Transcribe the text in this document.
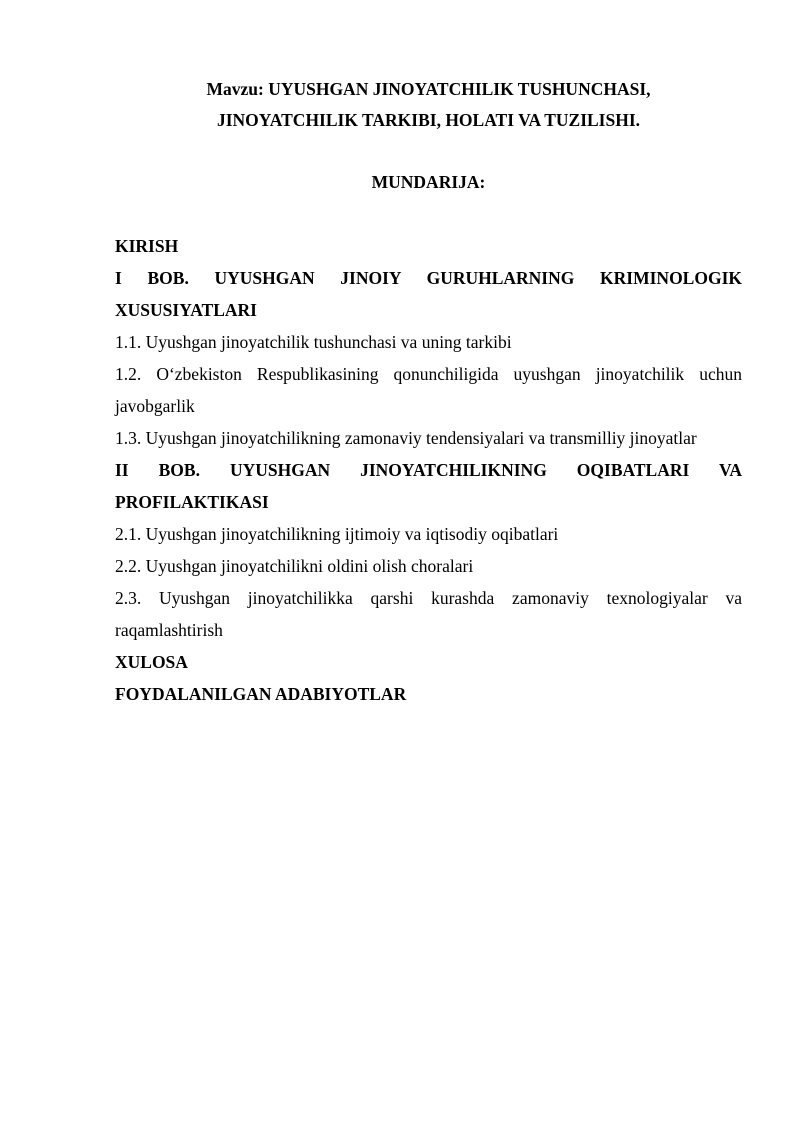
Mavzu: UYUSHGAN JINOYATCHILIK TUSHUNCHASI,
JINOYATCHILIK TARKIBI, HOLATI VA TUZILISHI.
MUNDARIJA:

KIRISH

I BOB. UYUSHGAN JINOIY GURUHLARNING KRIMINOLOGIK XUSUSIYATLARI

1.1. Uyushgan jinoyatchilik tushunchasi va uning tarkibi

1.2. O‘zbekiston Respublikasining qonunchiligida uyushgan jinoyatchilik uchun javobgarlik

1.3. Uyushgan jinoyatchilikning zamonaviy tendensiyalari va transmilliy jinoyatlar

II BOB. UYUSHGAN JINOYATCHILIKNING OQIBATLARI VA PROFILAKTIKASI

2.1. Uyushgan jinoyatchilikning ijtimoiy va iqtisodiy oqibatlari

2.2. Uyushgan jinoyatchilikni oldini olish choralari

2.3. Uyushgan jinoyatchilikka qarshi kurashda zamonaviy texnologiyalar va raqamlashtirish

XULOSA

FOYDALANILGAN ADABIYOTLAR
